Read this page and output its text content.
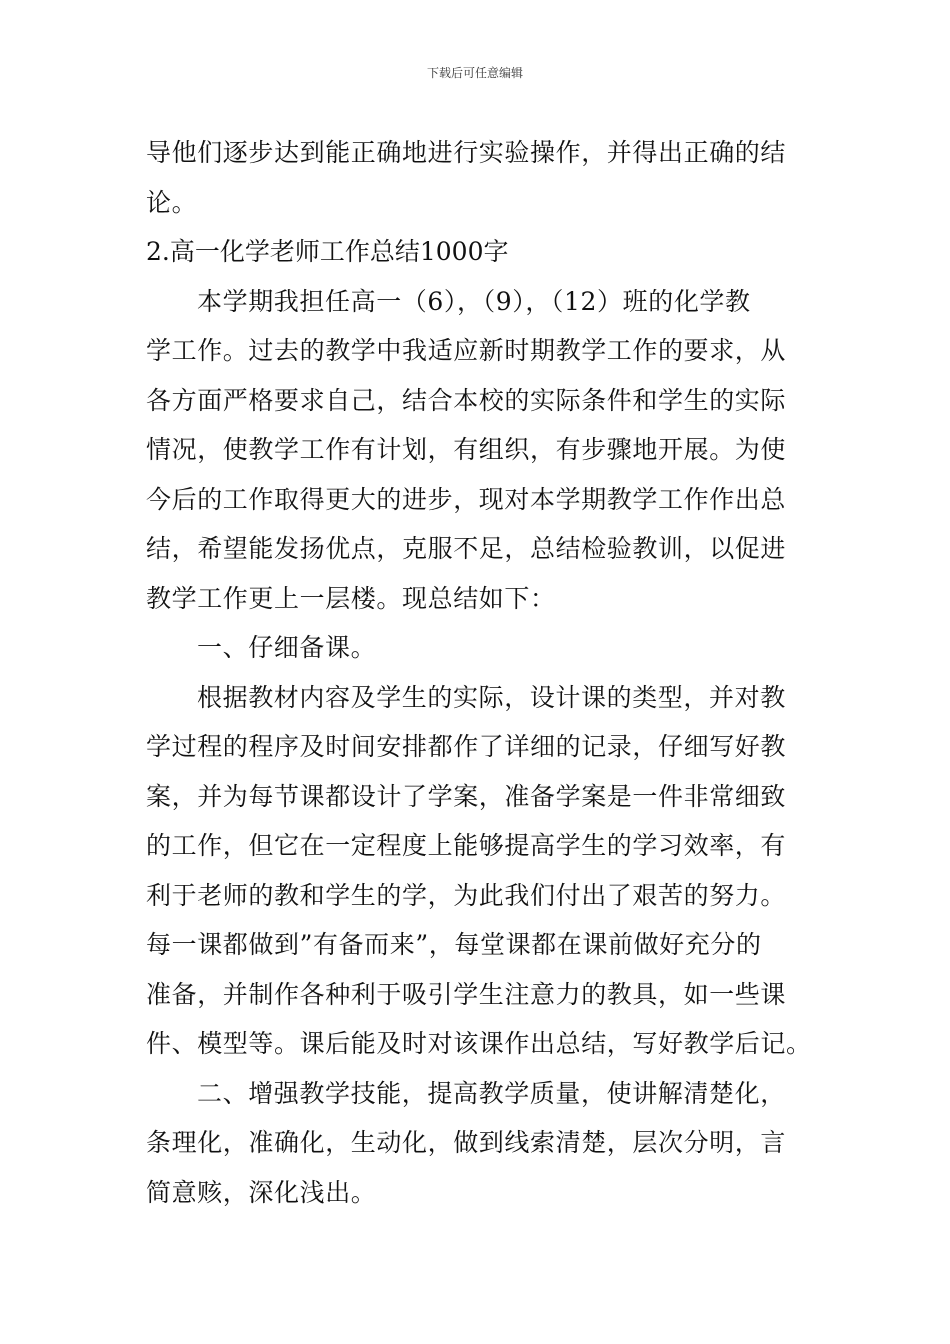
下载后可任意编辑
导他们逐步达到能正确地进行实验操作，并得出正确的结
论。
2.高一化学老师工作总结1000字
本学期我担任高一（6），（9），（12）班的化学教
学工作。过去的教学中我适应新时期教学工作的要求，从
各方面严格要求自己，结合本校的实际条件和学生的实际
情况，使教学工作有计划，有组织，有步骤地开展。为使
今后的工作取得更大的进步，现对本学期教学工作作出总
结，希望能发扬优点，克服不足，总结检验教训，以促进
教学工作更上一层楼。现总结如下：
一、仔细备课。
根据教材内容及学生的实际，设计课的类型，并对教
学过程的程序及时间安排都作了详细的记录，仔细写好教
案，并为每节课都设计了学案，准备学案是一件非常细致
的工作，但它在一定程度上能够提高学生的学习效率，有
利于老师的教和学生的学，为此我们付出了艰苦的努力。
每一课都做到”有备而来”，每堂课都在课前做好充分的
准备，并制作各种利于吸引学生注意力的教具，如一些课
件、模型等。课后能及时对该课作出总结，写好教学后记。
二、增强教学技能，提高教学质量，使讲解清楚化，
条理化，准确化，生动化，做到线索清楚，层次分明，言
简意赅，深化浅出。
